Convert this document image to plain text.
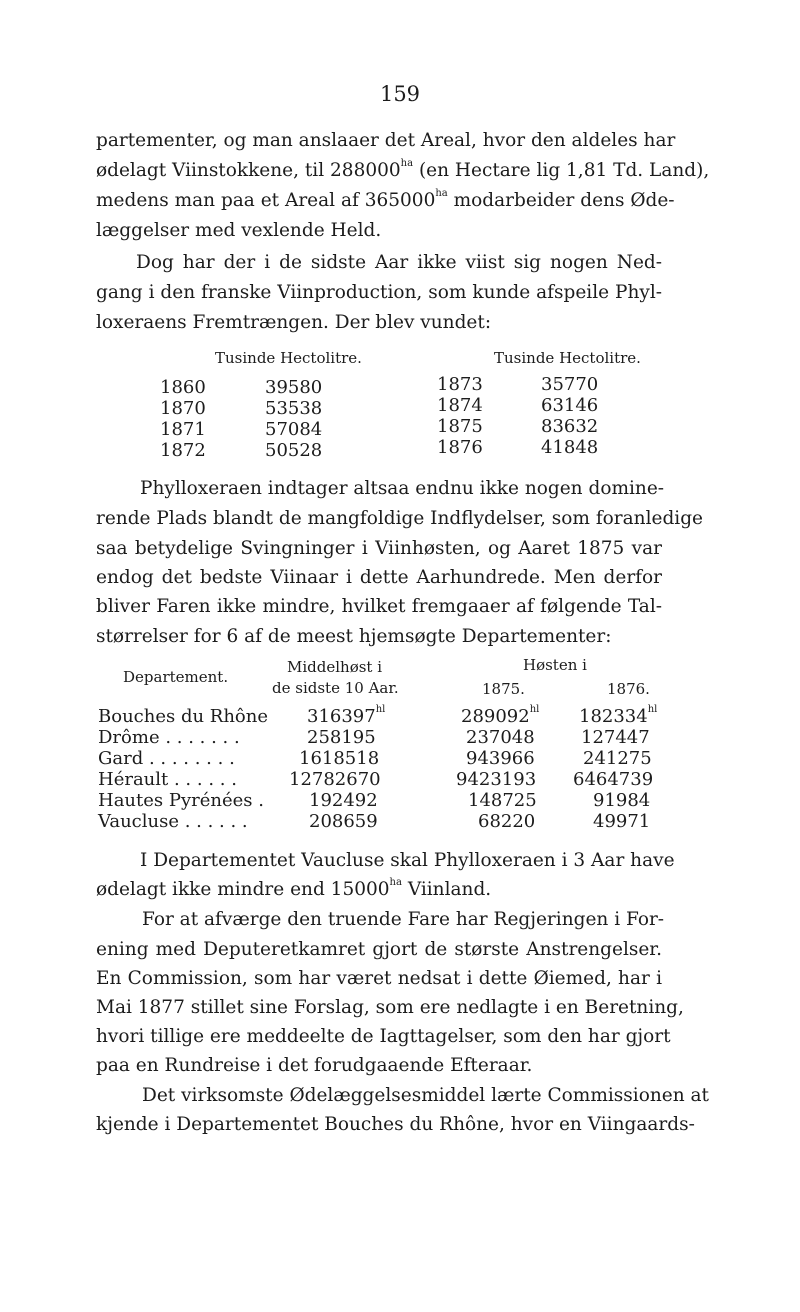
159
partementer, og man anslaaer det Areal, hvor den aldeles har
ødelagt Viinstokkene, til $288000^{ha}$ (en Hectare lig 1,81 Td. Land),
medens man paa et Areal af $365000^{ha}$ modarbeider dens Øde-
læggelser med vexlende Held.
Dog har der i de sidste Aar ikke viist sig nogen Ned-
gang i den franske Viinproduction, som kunde afspeile Phyl-
loxeraens Fremtrængen. Der blev vundet:
Tusinde Hectolitre.	Tusinde Hectolitre.
1860	39580
1870	53538
1871	57084
1872	50528
1873	35770
1874	63146
1875	83632
1876	41848
Phylloxeraen indtager altsaa endnu ikke nogen domine-
rende Plads blandt de mangfoldige Indflydelser, som foranledige
saa betydelige Svingninger i Viinhøsten, og Aaret 1875 var
endog det bedste Viinaar i dette Aarhundrede. Men derfor
bliver Faren ikke mindre, hvilket fremgaaer af følgende Tal-
størrelser for 6 af de meest hjemsøgte Departementer:
Departement.
Middelhøst i
de sidste 10 Aar.
Høsten i
1875.	1876.
Bouches du Rhône $316397^{hl}$	$289092^{hl}$ $182334^{hl}$
Drôme . . . . . . .	258195	237048	127447
Gard . . . . . . . .	1618518	943966	241275
Hérault . . . . . .	12782670	9423193 6464739
Hautes Pyrénées .	192492	148725	91984
Vaucluse . . . . . .	208659	68220	49971
I Departementet Vaucluse skal Phylloxeraen i 3 Aar have
ødelagt ikke mindre end $15000^{ha}$ Viinland.
For at afværge den truende Fare har Regjeringen i For-
ening med Deputeretkamret gjort de største Anstrengelser.
En Commission, som har været nedsat i dette Øiemed, har i
Mai 1877 stillet sine Forslag, som ere nedlagte i en Beretning,
hvori tillige ere meddeelte de Iagttagelser, som den har gjort
paa en Rundreise i det forudgaaende Efteraar.
Det virksomste Ødelæggelsesmiddel lærte Commissionen at
kjende i Departementet Bouches du Rhône, hvor en Viingaards-
